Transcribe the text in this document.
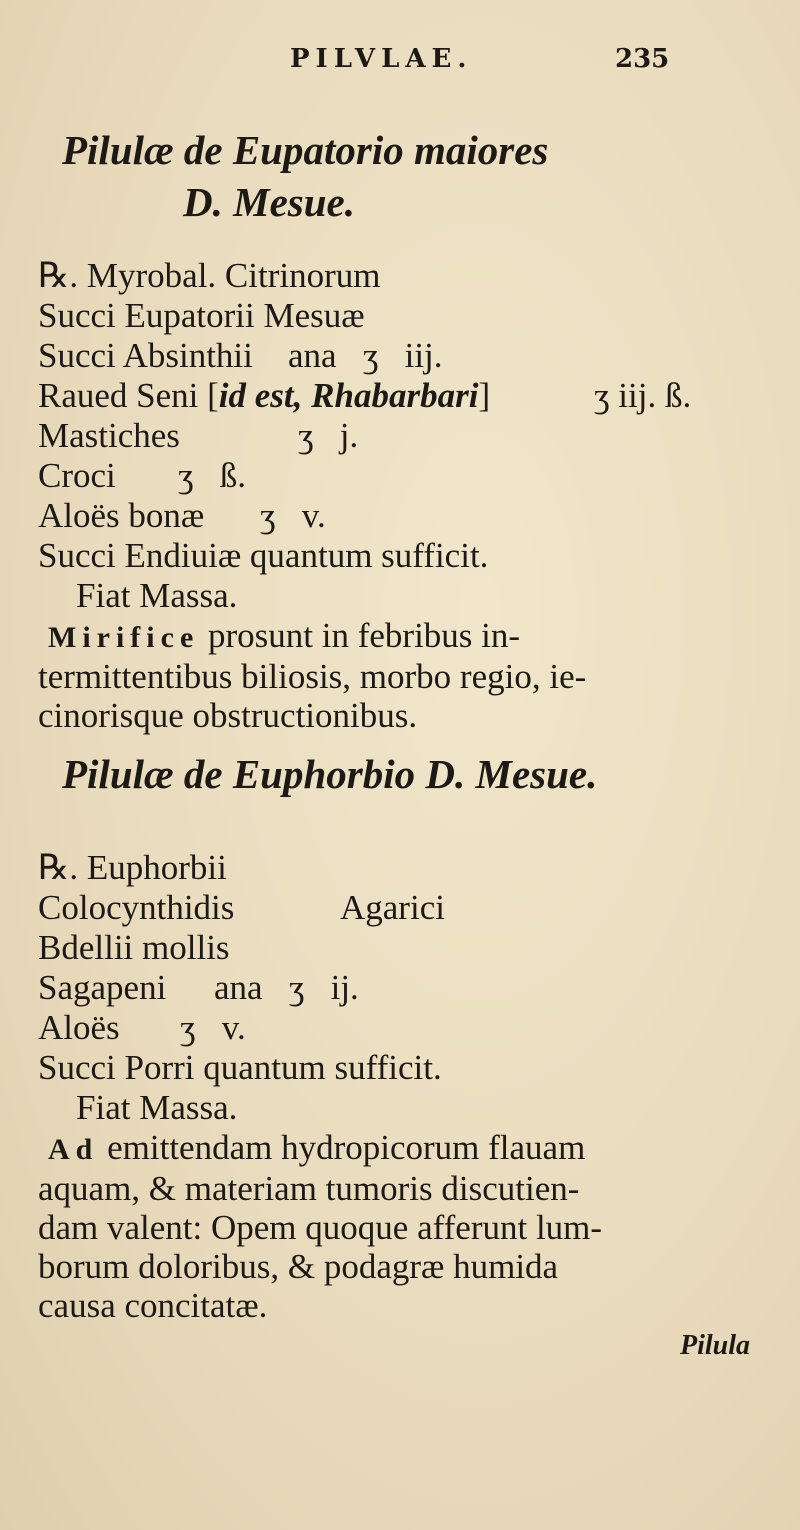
PILVLAE.	235
Pilulæ de Eupatorio maiores
D. Mesue.
℞. Myrobal. Citrinorum
Succi Eupatorii Mesuæ
Succi Absinthii ana   ʒ   iij.
Raued Seni [id est, Rhabarbari]	ʒ iij. ß.
Mastiches	ʒ   j.
Croci ʒ   ß.
Aloës bonæ ʒ   v.
Succi Endiuiæ quantum sufficit.
Fiat Massa.
Mirifice prosunt in febribus in-
termittentibus biliosis, morbo regio, ie-
cinorisque obstructionibus.
Pilulæ de Euphorbio D. Mesue.
℞. Euphorbii
Colocynthidis	Agarici
Bdellii mollis
Sagapeni ana   ʒ   ij.
Aloës ʒ   v.
Succi Porri quantum sufficit.
Fiat Massa.
Ad emittendam hydropicorum flauam
aquam, & materiam tumoris discutien-
dam valent: Opem quoque afferunt lum-
borum doloribus, & podagræ humida
causa concitatæ.
Pilula
